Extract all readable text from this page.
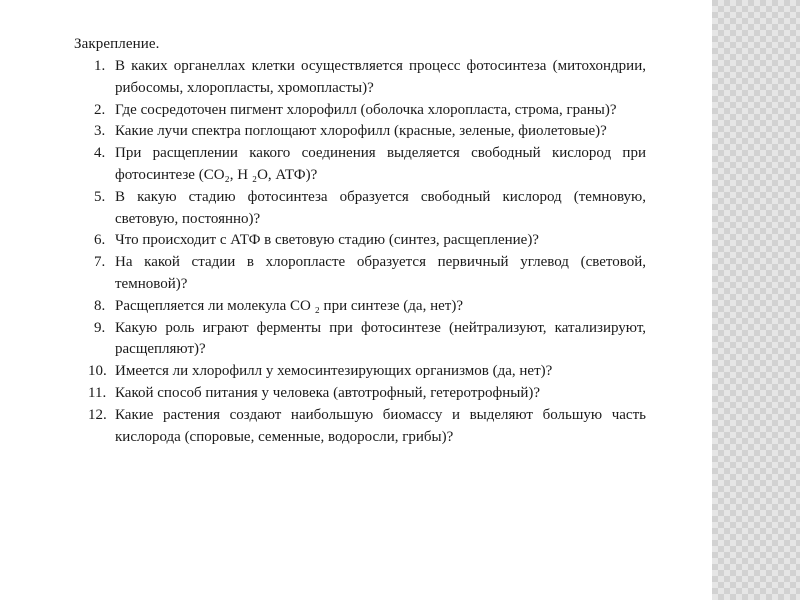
Закрепление.
1. В каких органеллах клетки осуществляется процесс фотосинтеза (митохондрии, рибосомы, хлоропласты, хромопласты)?
2. Где сосредоточен пигмент хлорофилл (оболочка хлоропласта, строма, граны)?
3. Какие лучи спектра поглощают хлорофилл (красные, зеленые, фиолетовые)?
4. При расщеплении какого соединения выделяется свободный кислород при фотосинтезе (СО₂, Н ₂О, АТФ)?
5. В какую стадию фотосинтеза образуется свободный кислород (темновую, световую, постоянно)?
6. Что происходит с АТФ в световую стадию (синтез, расщепление)?
7. На какой стадии в хлоропласте образуется первичный углевод (световой, темновой)?
8. Расщепляется ли молекула СО ₂ при синтезе (да, нет)?
9. Какую роль играют ферменты при фотосинтезе (нейтрализуют, катализируют, расщепляют)?
10. Имеется ли хлорофилл у хемосинтезирующих организмов (да, нет)?
11. Какой способ питания у человека (автотрофный, гетеротрофный)?
12. Какие растения создают наибольшую биомассу и выделяют большую часть кислорода (споровые, семенные, водоросли, грибы)?
